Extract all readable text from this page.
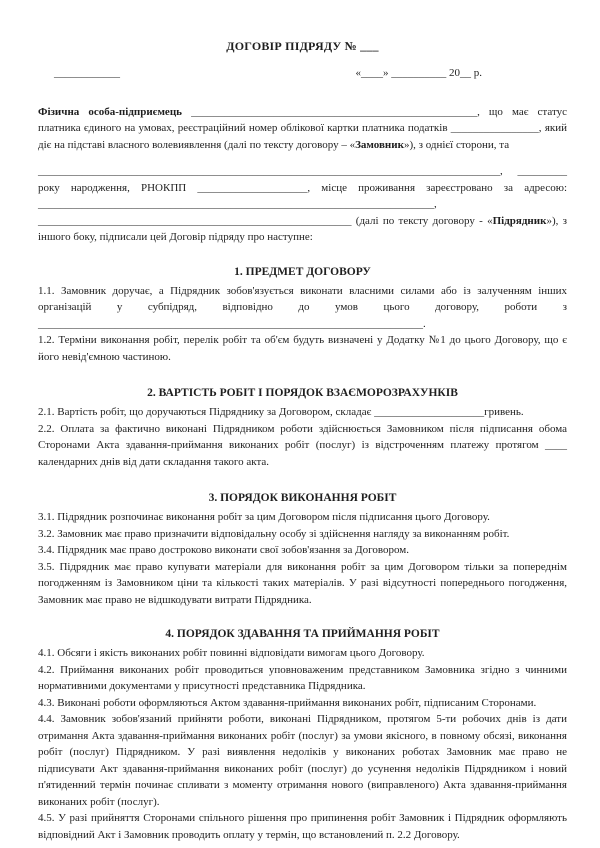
ДОГОВІР ПІДРЯДУ № ___
____________	«____» __________ 20__ р.

Фізична особа-підприємець ____________________________________________________, що має статус платника єдиного на умовах, реєстраційний номер облікової картки платника податків ________________, який діє на підставі власного волевиявлення (далі по тексту договору – «Замовник»), з однієї сторони, та

____________________________________________________________________________________, _________ року народження, РНОКПП ____________________, місце проживання зареєстровано за адресою: ________________________________________________________________________, _________________________________________________________ (далі по тексту договору - «Підрядник»), з іншого боку, підписали цей Договір підряду про наступне:

1. ПРЕДМЕТ ДОГОВОРУ

1.1. Замовник доручає, а Підрядник зобов'язується виконати власними силами або із залученням інших організацій у субпідряд, відповідно до умов цього договору, роботи з ______________________________________________________________________.

1.2. Терміни виконання робіт, перелік робіт та об'єм будуть визначені у Додатку №1 до цього Договору, що є його невід'ємною частиною.

2. ВАРТІСТЬ РОБІТ І ПОРЯДОК ВЗАЄМОРОЗРАХУНКІВ

2.1. Вартість робіт, що доручаються Підряднику за Договором, складає ____________________гривень.

2.2. Оплата за фактично виконані Підрядником роботи здійснюється Замовником після підписання обома Сторонами Акта здавання-приймання виконаних робіт (послуг) із відстроченням платежу протягом ____ календарних днів від дати складання такого акта.

3. ПОРЯДОК ВИКОНАННЯ РОБІТ

3.1. Підрядник розпочинає виконання робіт за цим Договором після підписання цього Договору.

3.2. Замовник має право призначити відповідальну особу зі здійснення нагляду за виконанням робіт.

3.4. Підрядник має право достроково виконати свої зобов'язання за Договором.

3.5. Підрядник має право купувати матеріали для виконання робіт за цим Договором тільки за попереднім погодженням із Замовником ціни та кількості таких матеріалів. У разі відсутності попереднього погодження, Замовник має право не відшкодувати витрати Підрядника.

4. ПОРЯДОК ЗДАВАННЯ ТА ПРИЙМАННЯ РОБІТ

4.1. Обсяги і якість виконаних робіт повинні відповідати вимогам цього Договору.

4.2. Приймання виконаних робіт проводиться уповноваженим представником Замовника згідно з чинними нормативними документами у присутності представника Підрядника.

4.3. Виконані роботи оформляються Актом здавання-приймання виконаних робіт, підписаним Сторонами.

4.4. Замовник зобов'язаний прийняти роботи, виконані Підрядником, протягом 5-ти робочих днів із дати отримання Акта здавання-приймання виконаних робіт (послуг) за умови якісного, в повному обсязі, виконання робіт (послуг) Підрядником. У разі виявлення недоліків у виконаних роботах Замовник має право не підписувати Акт здавання-приймання виконаних робіт (послуг) до усунення недоліків Підрядником і новий п'ятиденний термін починає спливати з моменту отримання нового (виправленого) Акта здавання-приймання виконаних робіт (послуг).

4.5. У разі прийняття Сторонами спільного рішення про припинення робіт Замовник і Підрядник оформляють відповідний Акт і Замовник проводить оплату у термін, що встановлений п. 2.2 Договору.
